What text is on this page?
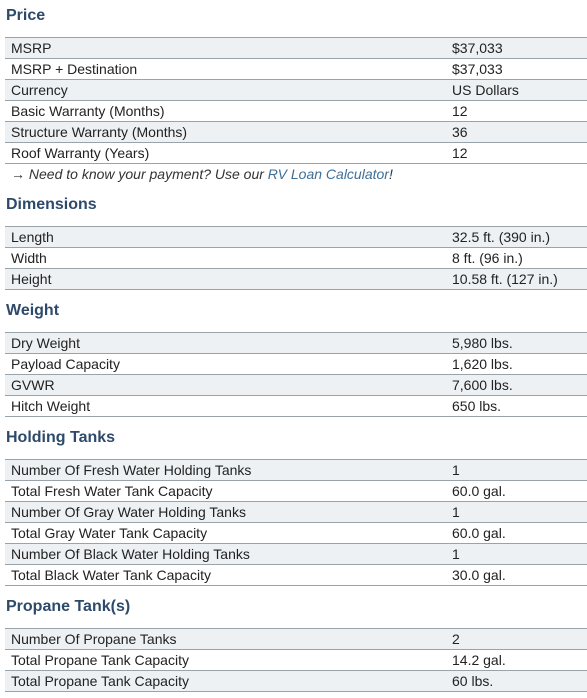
Price
MSRP	$37,033
MSRP + Destination	$37,033
Currency	US Dollars
Basic Warranty (Months)	12
Structure Warranty (Months)	36
Roof Warranty (Years)	12
→ Need to know your payment? Use our RV Loan Calculator!
Dimensions
Length	32.5 ft. (390 in.)
Width	8 ft. (96 in.)
Height	10.58 ft. (127 in.)
Weight
Dry Weight	5,980 lbs.
Payload Capacity	1,620 lbs.
GVWR	7,600 lbs.
Hitch Weight	650 lbs.
Holding Tanks
Number Of Fresh Water Holding Tanks	1
Total Fresh Water Tank Capacity	60.0 gal.
Number Of Gray Water Holding Tanks	1
Total Gray Water Tank Capacity	60.0 gal.
Number Of Black Water Holding Tanks	1
Total Black Water Tank Capacity	30.0 gal.
Propane Tank(s)
Number Of Propane Tanks	2
Total Propane Tank Capacity	14.2 gal.
Total Propane Tank Capacity	60 lbs.
